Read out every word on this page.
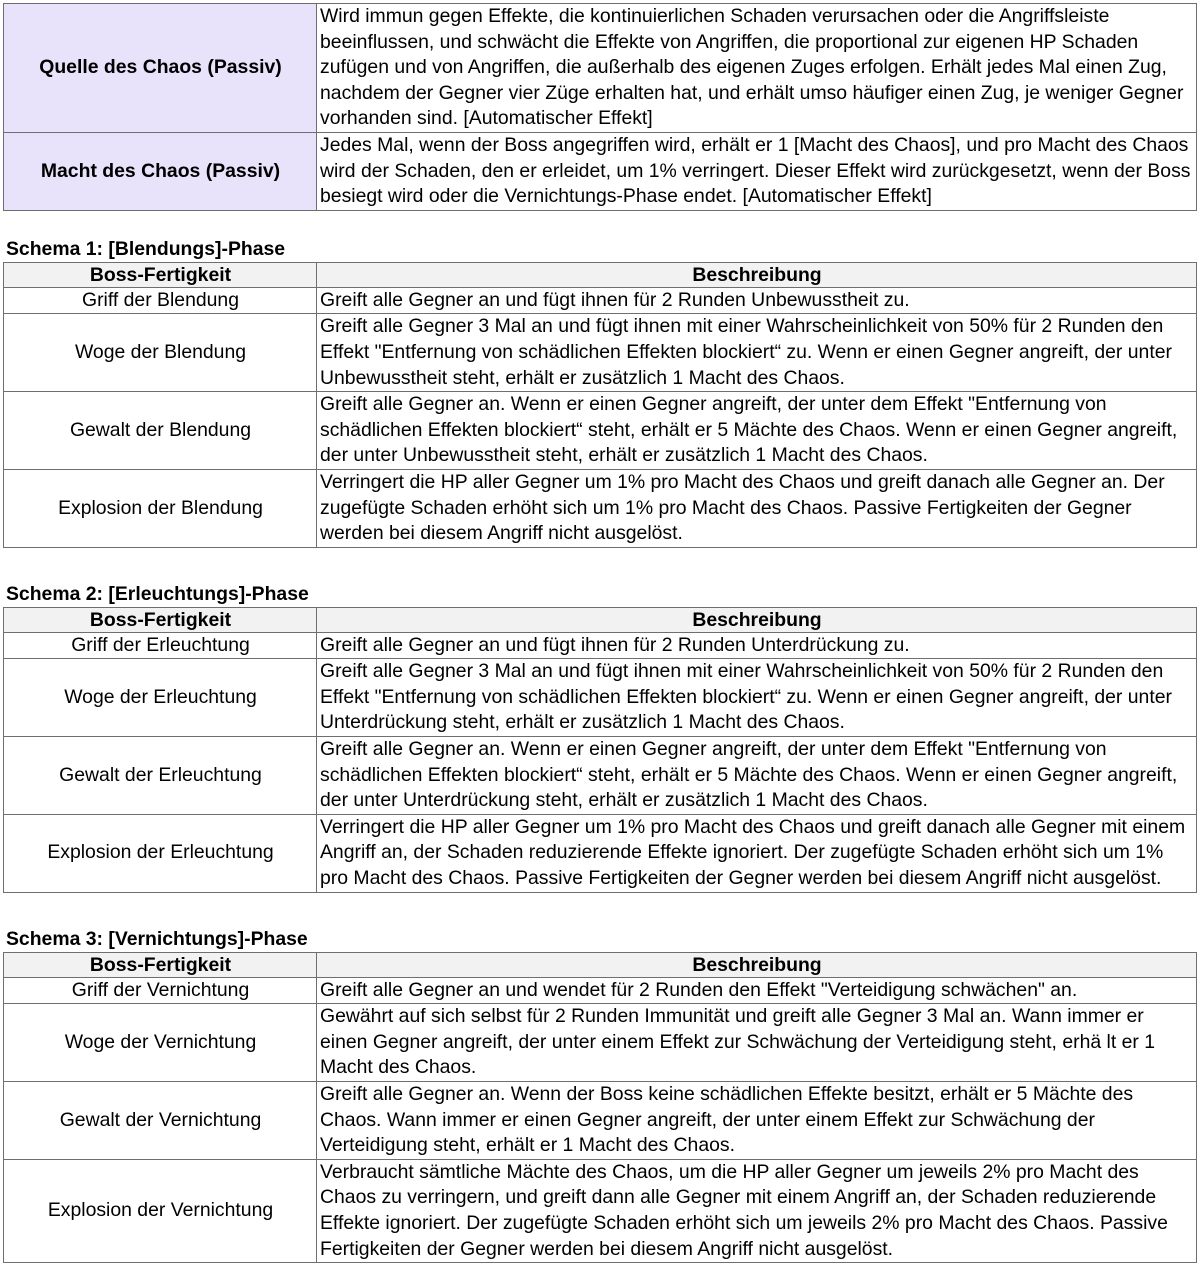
Quelle des Chaos (Passiv)	Wird immun gegen Effekte, die kontinuierlichen Schaden verursachen oder die Angriffsleiste beeinflussen, und schwächt die Effekte von Angriffen, die proportional zur eigenen HP Schaden zufügen und von Angriffen, die außerhalb des eigenen Zuges erfolgen. Erhält jedes Mal einen Zug, nachdem der Gegner vier Züge erhalten hat, und erhält umso häufiger einen Zug, je weniger Gegner vorhanden sind. [Automatischer Effekt]
Macht des Chaos (Passiv)	Jedes Mal, wenn der Boss angegriffen wird, erhält er 1 [Macht des Chaos], und pro Macht des Chaos wird der Schaden, den er erleidet, um 1% verringert. Dieser Effekt wird zurückgesetzt, wenn der Boss besiegt wird oder die Vernichtungs-Phase endet. [Automatischer Effekt]
Schema 1: [Blendungs]-Phase
Boss-Fertigkeit	Beschreibung
Griff der Blendung	Greift alle Gegner an und fügt ihnen für 2 Runden Unbewusstheit zu.
Woge der Blendung	Greift alle Gegner 3 Mal an und fügt ihnen mit einer Wahrscheinlichkeit von 50% für 2 Runden den Effekt "Entfernung von schädlichen Effekten blockiert“ zu. Wenn er einen Gegner angreift, der unter Unbewusstheit steht, erhält er zusätzlich 1 Macht des Chaos.
Gewalt der Blendung	Greift alle Gegner an. Wenn er einen Gegner angreift, der unter dem Effekt "Entfernung von schädlichen Effekten blockiert“ steht, erhält er 5 Mächte des Chaos. Wenn er einen Gegner angreift, der unter Unbewusstheit steht, erhält er zusätzlich 1 Macht des Chaos.
Explosion der Blendung	Verringert die HP aller Gegner um 1% pro Macht des Chaos und greift danach alle Gegner an. Der zugefügte Schaden erhöht sich um 1% pro Macht des Chaos. Passive Fertigkeiten der Gegner werden bei diesem Angriff nicht ausgelöst.
Schema 2: [Erleuchtungs]-Phase
Boss-Fertigkeit	Beschreibung
Griff der Erleuchtung	Greift alle Gegner an und fügt ihnen für 2 Runden Unterdrückung zu.
Woge der Erleuchtung	Greift alle Gegner 3 Mal an und fügt ihnen mit einer Wahrscheinlichkeit von 50% für 2 Runden den Effekt "Entfernung von schädlichen Effekten blockiert“ zu. Wenn er einen Gegner angreift, der unter Unterdrückung steht, erhält er zusätzlich 1 Macht des Chaos.
Gewalt der Erleuchtung	Greift alle Gegner an. Wenn er einen Gegner angreift, der unter dem Effekt "Entfernung von schädlichen Effekten blockiert“ steht, erhält er 5 Mächte des Chaos. Wenn er einen Gegner angreift, der unter Unterdrückung steht, erhält er zusätzlich 1 Macht des Chaos.
Explosion der Erleuchtung	Verringert die HP aller Gegner um 1% pro Macht des Chaos und greift danach alle Gegner mit einem Angriff an, der Schaden reduzierende Effekte ignoriert. Der zugefügte Schaden erhöht sich um 1% pro Macht des Chaos. Passive Fertigkeiten der Gegner werden bei diesem Angriff nicht ausgelöst.
Schema 3: [Vernichtungs]-Phase
Boss-Fertigkeit	Beschreibung
Griff der Vernichtung	Greift alle Gegner an und wendet für 2 Runden den Effekt "Verteidigung schwächen" an.
Woge der Vernichtung	Gewährt auf sich selbst für 2 Runden Immunität und greift alle Gegner 3 Mal an. Wann immer er einen Gegner angreift, der unter einem Effekt zur Schwächung der Verteidigung steht, erhä lt er 1 Macht des Chaos.
Gewalt der Vernichtung	Greift alle Gegner an. Wenn der Boss keine schädlichen Effekte besitzt, erhält er 5 Mächte des Chaos. Wann immer er einen Gegner angreift, der unter einem Effekt zur Schwächung der Verteidigung steht, erhält er 1 Macht des Chaos.
Explosion der Vernichtung	Verbraucht sämtliche Mächte des Chaos, um die HP aller Gegner um jeweils 2% pro Macht des Chaos zu verringern, und greift dann alle Gegner mit einem Angriff an, der Schaden reduzierende Effekte ignoriert. Der zugefügte Schaden erhöht sich um jeweils 2% pro Macht des Chaos. Passive Fertigkeiten der Gegner werden bei diesem Angriff nicht ausgelöst.
